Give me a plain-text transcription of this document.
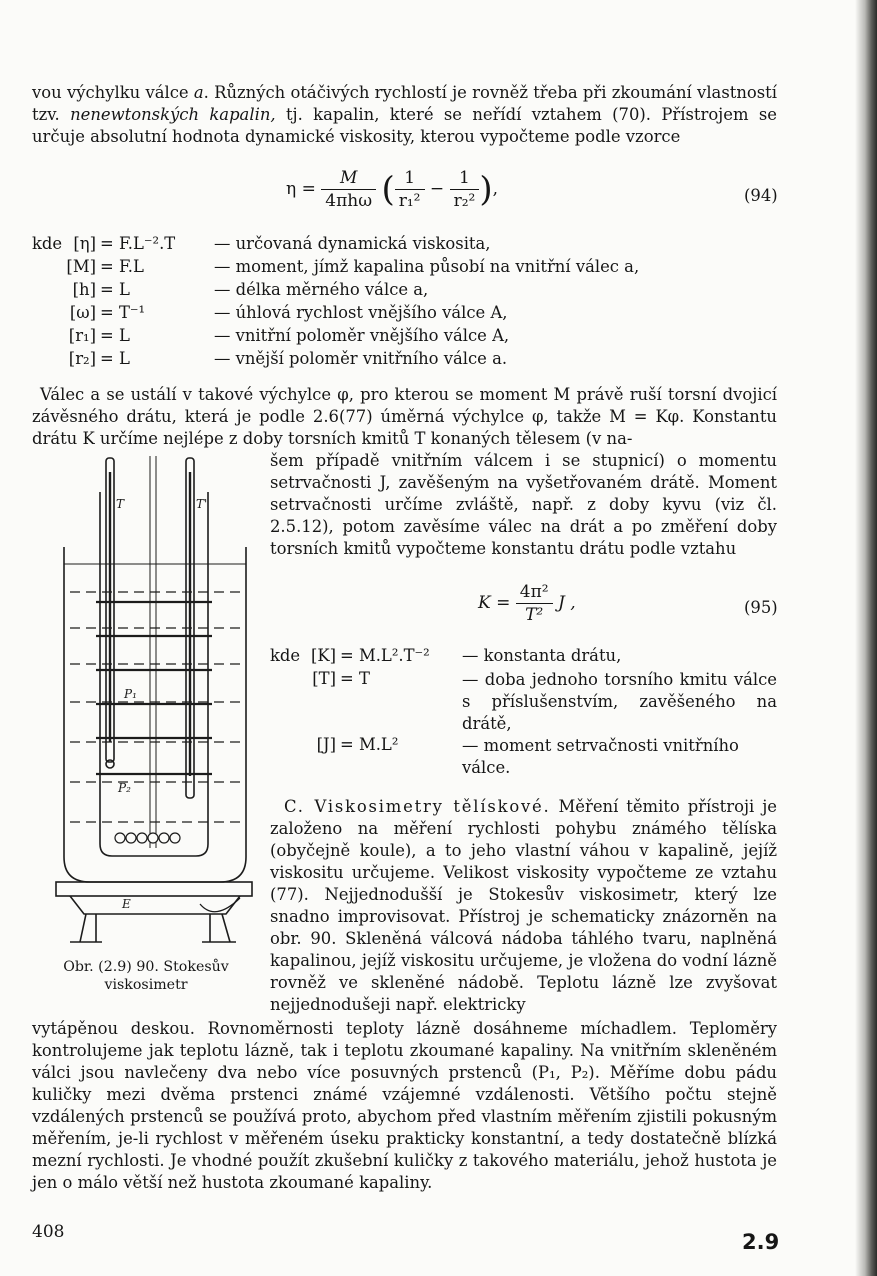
vou výchylku válce a. Různých otáčivých rychlostí je rovněž třeba při zkoumání vlastností tzv. nenewtonských kapalin, tj. kapalin, které se neřídí vztahem (70). Přístrojem se určuje absolutní hodnota dynamické viskosity, kterou vypočteme podle vzorce

$\eta = \frac{M}{\text{4πhω}}$ ( $\frac{1}{\text{r₁²}} - \frac{1}{\text{r₂²}}$ ),	(94)
kde	[η]	= F.L⁻².T	— určovaná dynamická viskosita,
	[M]	= F.L	— moment, jímž kapalina působí na vnitřní válec a,
	[h]	= L	— délka měrného válce a,
	[ω]	= T⁻¹	— úhlová rychlost vnějšího válce A,
	[r₁]	= L	— vnitřní poloměr vnějšího válce A,
	[r₂]	= L	— vnější poloměr vnitřního válce a.

Válec a se ustálí v takové výchylce φ, pro kterou se moment M právě ruší torsní dvojicí závěsného drátu, která je podle 2.6(77) úměrná výchylce φ, takže M = Kφ. Konstantu drátu K určíme nejlépe z doby torsních kmitů T konaných tělesem (v na-

šem případě vnitřním válcem i se stupnicí) o momentu setrvačnosti J, zavěšeným na vyšetřovaném drátě. Moment setrvačnosti určíme zvláště, např. z doby kyvu (viz čl. 2.5.12), potom zavěsíme válec na drát a po změření doby torsních kmitů vypočteme konstantu drátu podle vztahu

$K = \frac{\text{4π²}}{\text{T²}}$ J ,	(95)
kde	[K]	= M.L².T⁻²	— konstanta drátu,
	[T]	= T	— doba jednoho torsního kmitu válce s příslušenstvím, zavěšeného na drátě,
	[J]	= M.L²	— moment setrvačnosti vnitřního válce.

C. Viskosimetry tělískové. Měření těmito přístroji je založeno na měření rychlosti pohybu známého tělíska (obyčejně koule), a to jeho vlastní váhou v kapalině, jejíž viskositu určujeme. Velikost viskosity vypočteme ze vztahu (77). Nejjednodušší je Stokesův viskosimetr, který lze snadno improvisovat. Přístroj je schematicky znázorněn na obr. 90. Skleněná válcová nádoba táhlého tvaru, naplněná kapalinou, jejíž viskositu určujeme, je vložena do vodní lázně rovněž ve skleněné nádobě. Teplotu lázně lze zvyšovat nejjednodušeji např. elektricky

vytápěnou deskou. Rovnoměrnosti teploty lázně dosáhneme míchadlem. Teploměry kontrolujeme jak teplotu lázně, tak i teplotu zkoumané kapaliny. Na vnitřním skleněném válci jsou navlečeny dva nebo více posuvných prstenců (P₁, P₂). Měříme dobu pádu kuličky mezi dvěma prstenci známé vzájemné vzdálenosti. Většího počtu stejně vzdálených prstenců se používá proto, abychom před vlastním měřením zjistili pokusným měřením, je-li rychlost v měřeném úseku prakticky konstantní, a tedy dostatečně blízká mezní rychlosti. Je vhodné použít zkušební kuličky z takového materiálu, jehož hustota je jen o málo větší než hustota zkoumané kapaliny.

T	T'
P₁
P₂
E
Obr. (2.9) 90. Stokesův
viskosimetr
408	2.9
